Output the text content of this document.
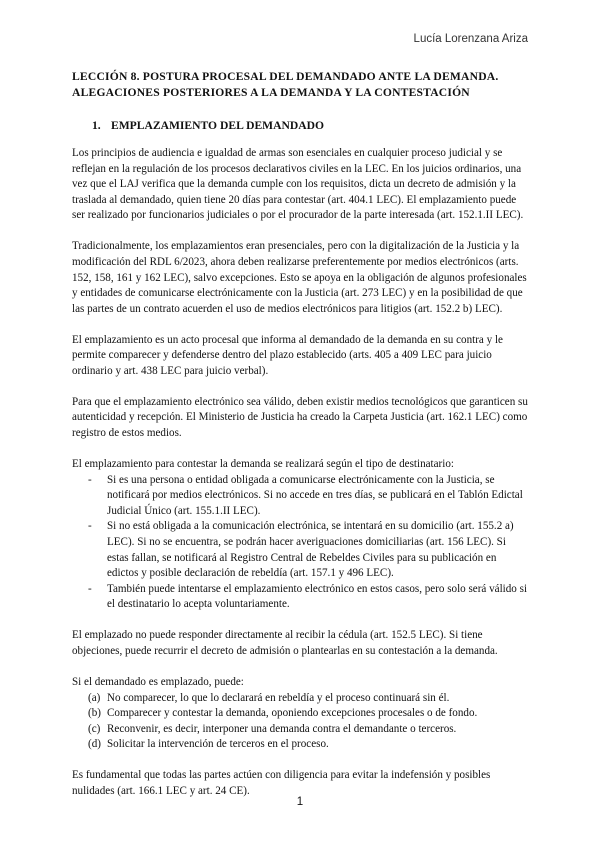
Lucía Lorenzana Ariza
LECCIÓN 8. POSTURA PROCESAL DEL DEMANDADO ANTE LA DEMANDA.
ALEGACIONES POSTERIORES A LA DEMANDA Y LA CONTESTACIÓN
1. EMPLAZAMIENTO DEL DEMANDADO

Los principios de audiencia e igualdad de armas son esenciales en cualquier proceso judicial y se reflejan en la regulación de los procesos declarativos civiles en la LEC. En los juicios ordinarios, una vez que el LAJ verifica que la demanda cumple con los requisitos, dicta un decreto de admisión y la traslada al demandado, quien tiene 20 días para contestar (art. 404.1 LEC). El emplazamiento puede ser realizado por funcionarios judiciales o por el procurador de la parte interesada (art. 152.1.II LEC).

Tradicionalmente, los emplazamientos eran presenciales, pero con la digitalización de la Justicia y la modificación del RDL 6/2023, ahora deben realizarse preferentemente por medios electrónicos (arts. 152, 158, 161 y 162 LEC), salvo excepciones. Esto se apoya en la obligación de algunos profesionales y entidades de comunicarse electrónicamente con la Justicia (art. 273 LEC) y en la posibilidad de que las partes de un contrato acuerden el uso de medios electrónicos para litigios (art. 152.2 b) LEC).

El emplazamiento es un acto procesal que informa al demandado de la demanda en su contra y le permite comparecer y defenderse dentro del plazo establecido (arts. 405 a 409 LEC para juicio ordinario y art. 438 LEC para juicio verbal).

Para que el emplazamiento electrónico sea válido, deben existir medios tecnológicos que garanticen su autenticidad y recepción. El Ministerio de Justicia ha creado la Carpeta Justicia (art. 162.1 LEC) como registro de estos medios.

El emplazamiento para contestar la demanda se realizará según el tipo de destinatario:

- Si es una persona o entidad obligada a comunicarse electrónicamente con la Justicia, se notificará por medios electrónicos. Si no accede en tres días, se publicará en el Tablón Edictal Judicial Único (art. 155.1.II LEC).
- Si no está obligada a la comunicación electrónica, se intentará en su domicilio (art. 155.2 a) LEC). Si no se encuentra, se podrán hacer averiguaciones domiciliarias (art. 156 LEC). Si estas fallan, se notificará al Registro Central de Rebeldes Civiles para su publicación en edictos y posible declaración de rebeldía (art. 157.1 y 496 LEC).
- También puede intentarse el emplazamiento electrónico en estos casos, pero solo será válido si el destinatario lo acepta voluntariamente.

El emplazado no puede responder directamente al recibir la cédula (art. 152.5 LEC). Si tiene objeciones, puede recurrir el decreto de admisión o plantearlas en su contestación a la demanda.

Si el demandado es emplazado, puede:

(a) No comparecer, lo que lo declarará en rebeldía y el proceso continuará sin él.
(b) Comparecer y contestar la demanda, oponiendo excepciones procesales o de fondo.
(c) Reconvenir, es decir, interponer una demanda contra el demandante o terceros.
(d) Solicitar la intervención de terceros en el proceso.

Es fundamental que todas las partes actúen con diligencia para evitar la indefensión y posibles nulidades (art. 166.1 LEC y art. 24 CE).

1
